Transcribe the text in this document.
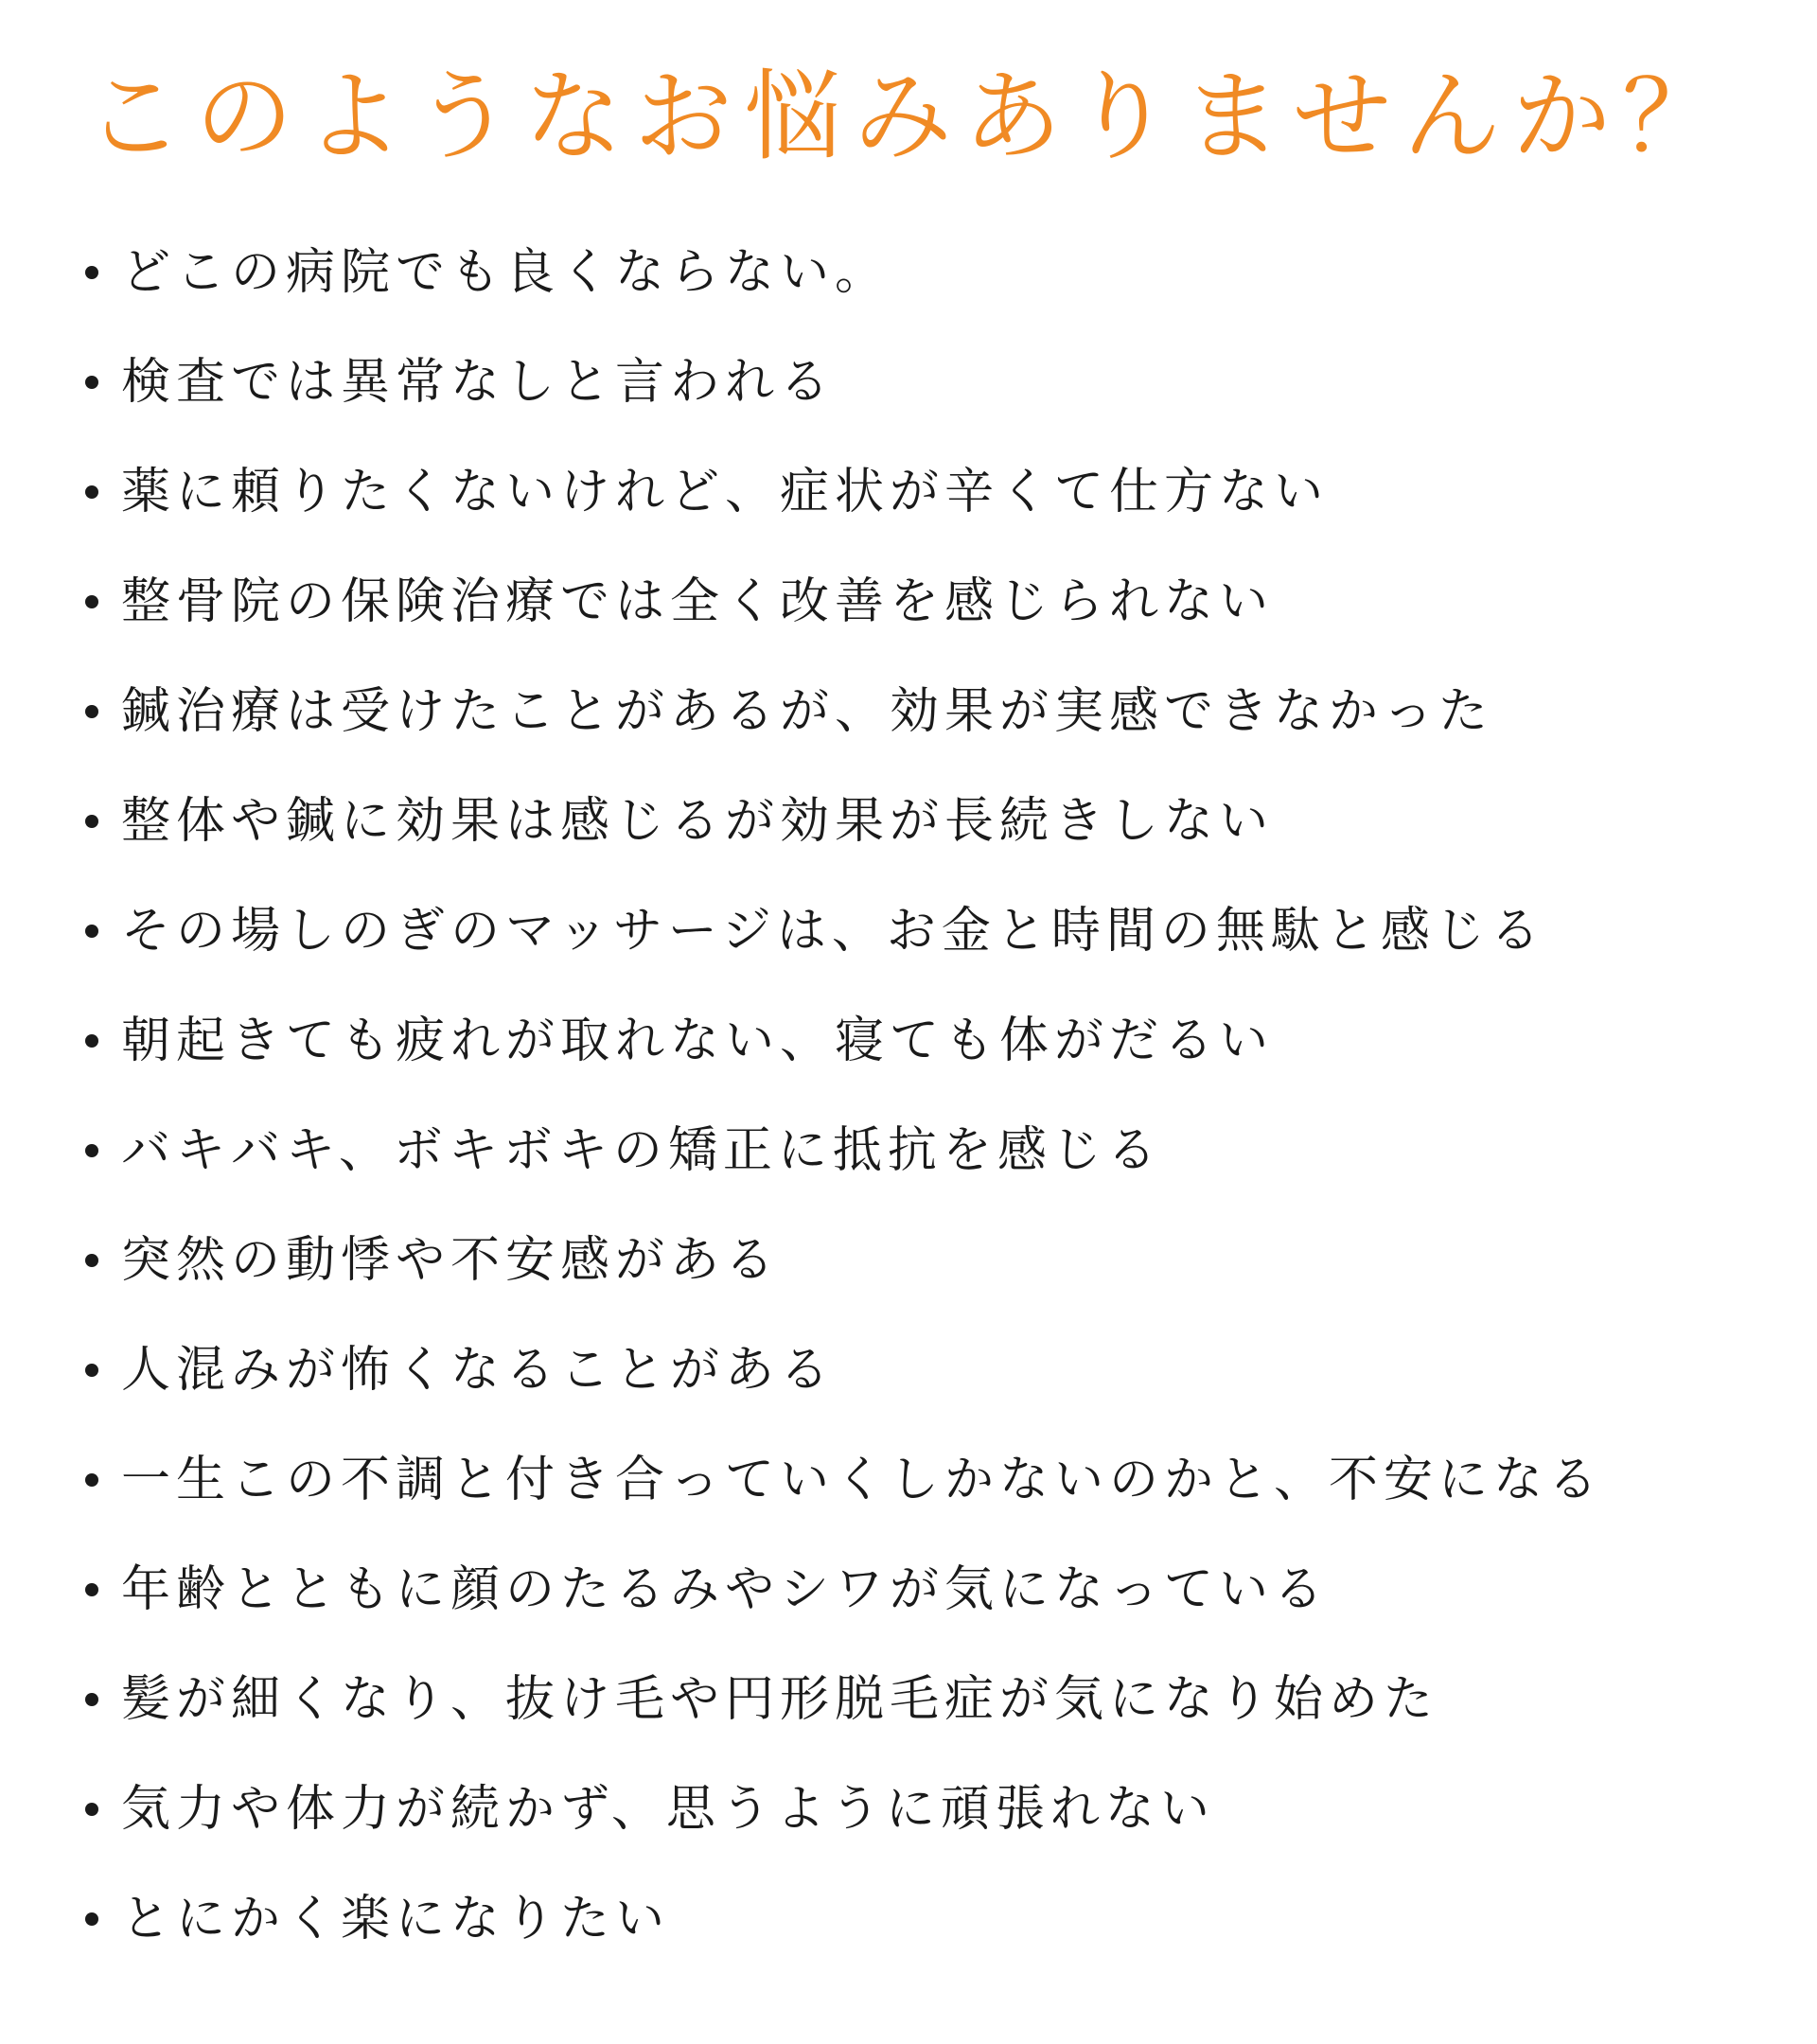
このようなお悩みありませんか？
どこの病院でも良くならない。
検査では異常なしと言われる
薬に頼りたくないけれど、症状が辛くて仕方ない
整骨院の保険治療では全く改善を感じられない
鍼治療は受けたことがあるが、効果が実感できなかった
整体や鍼に効果は感じるが効果が長続きしない
その場しのぎのマッサージは、お金と時間の無駄と感じる
朝起きても疲れが取れない、寝ても体がだるい
バキバキ、ボキボキの矯正に抵抗を感じる
突然の動悸や不安感がある
人混みが怖くなることがある
一生この不調と付き合っていくしかないのかと、不安になる
年齢とともに顔のたるみやシワが気になっている
髪が細くなり、抜け毛や円形脱毛症が気になり始めた
気力や体力が続かず、思うように頑張れない
とにかく楽になりたい
